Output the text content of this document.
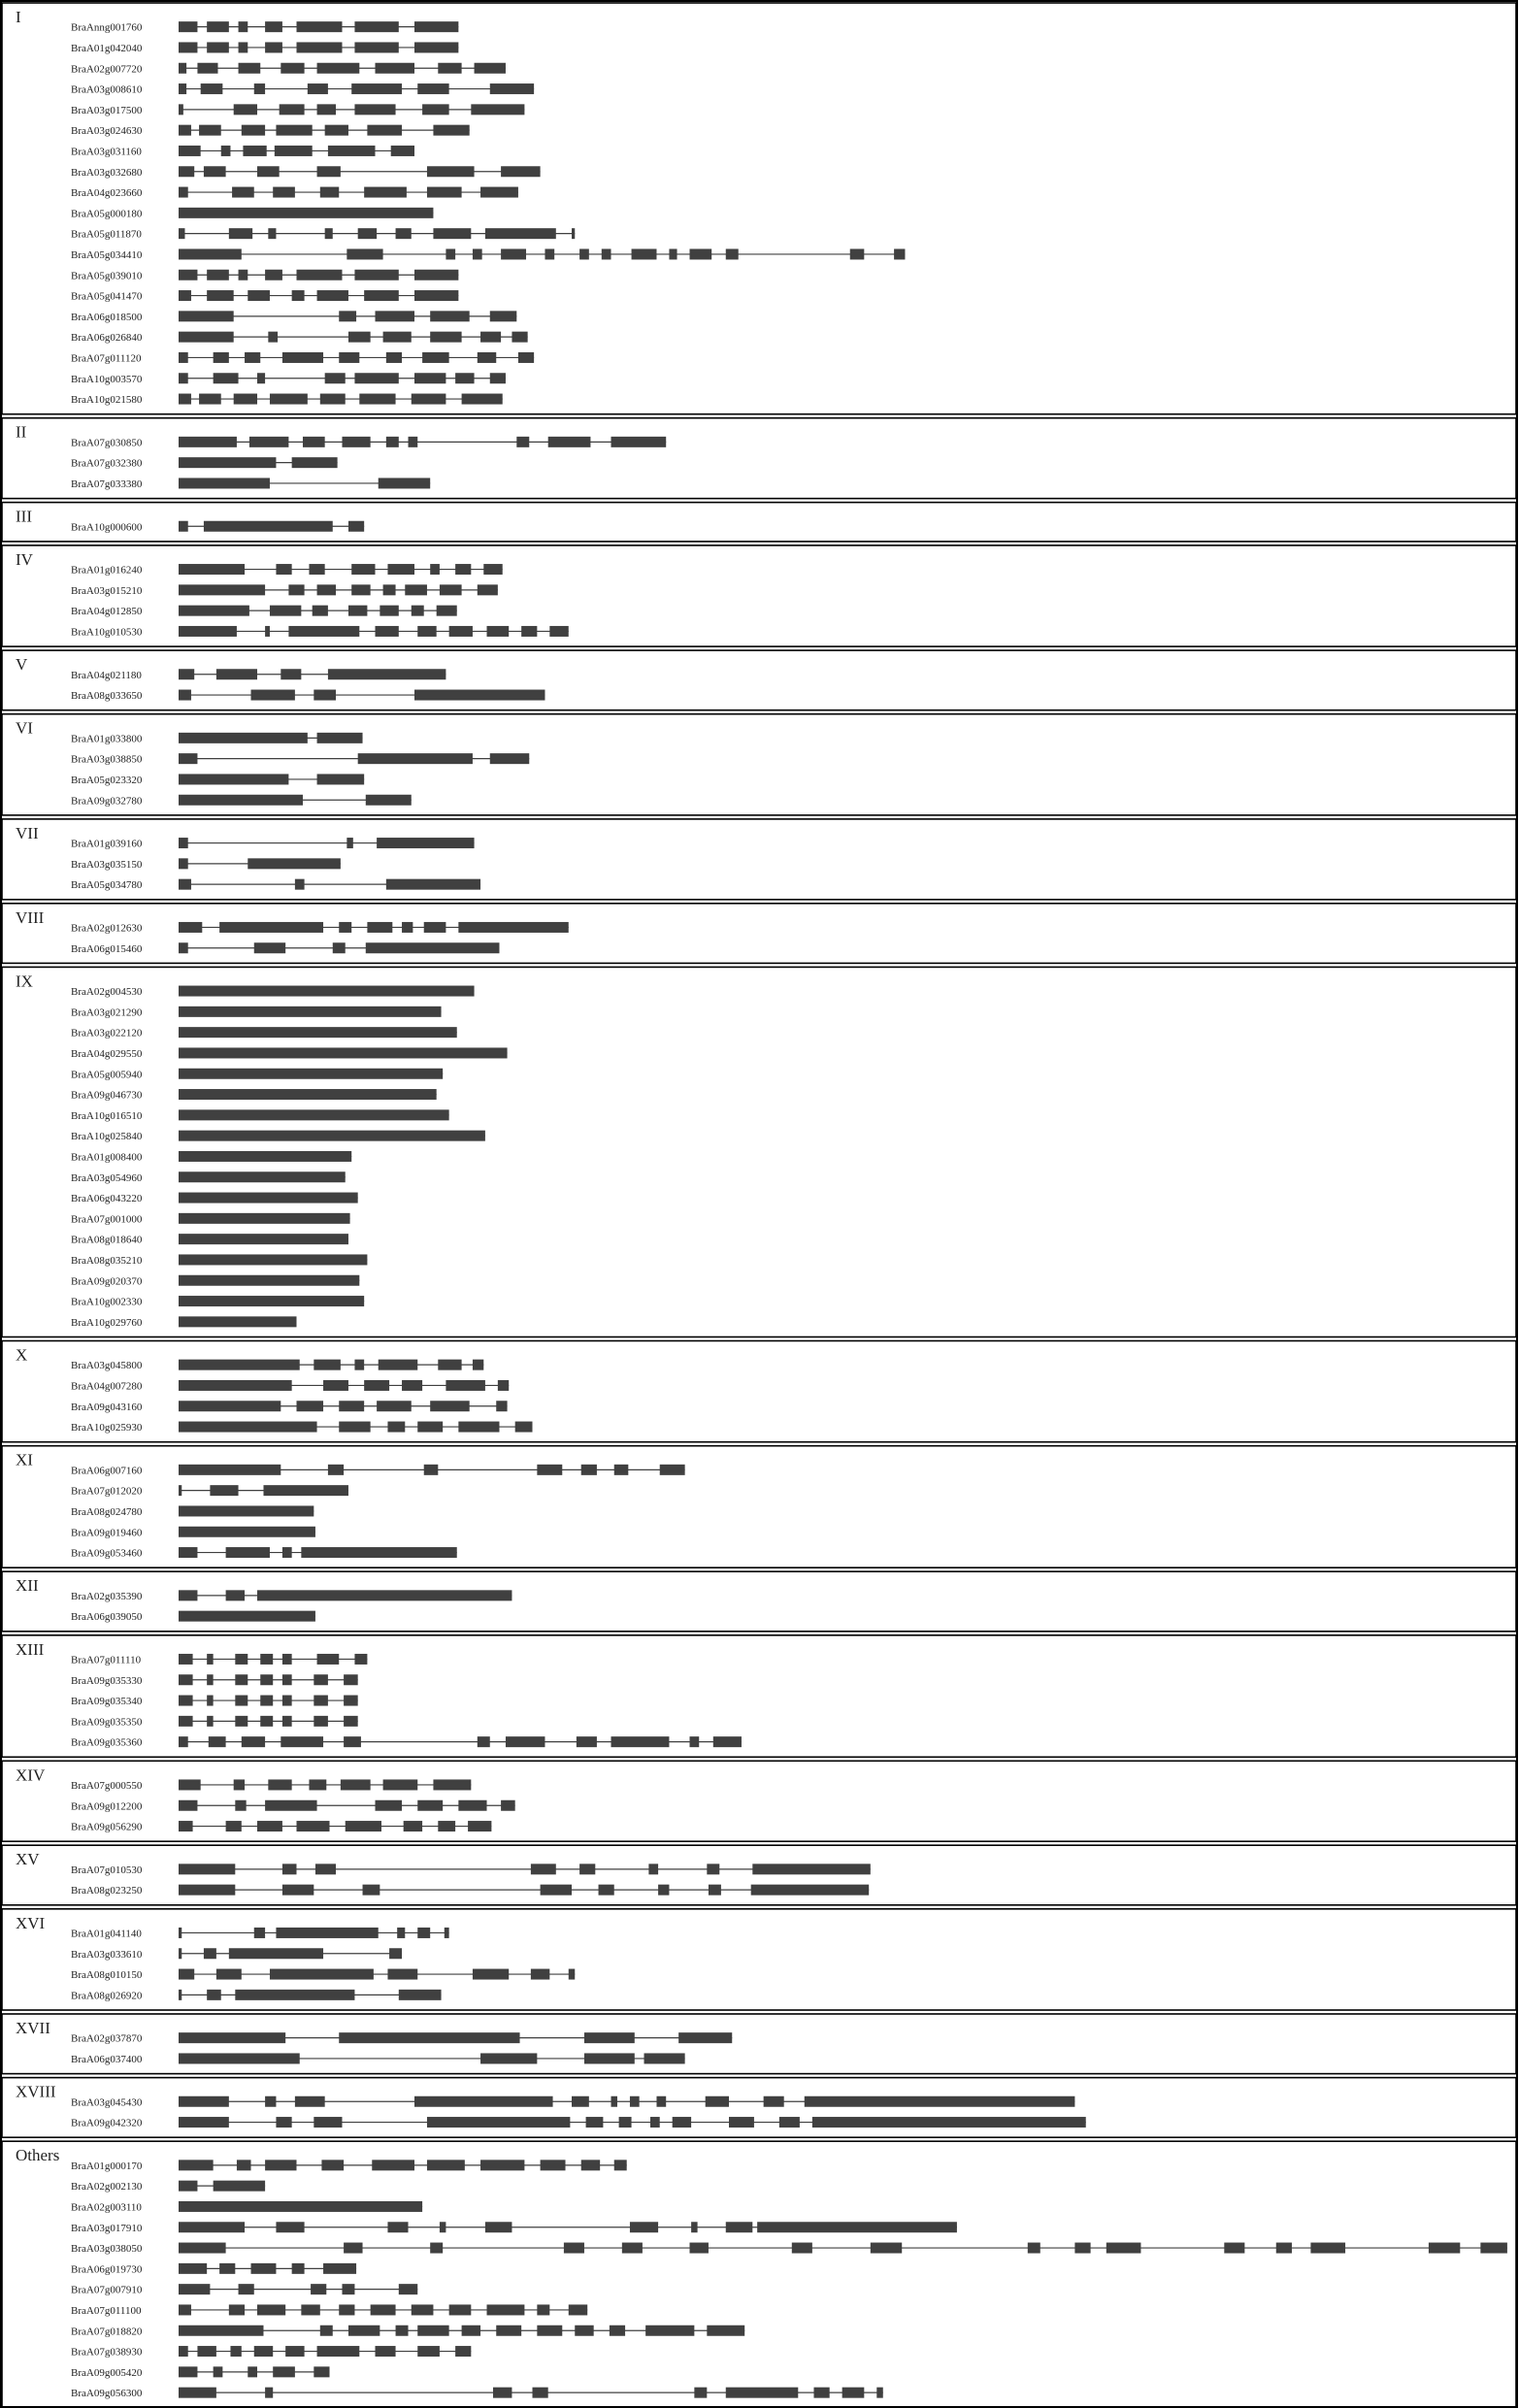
I
BraAnng001760
BraA01g042040
BraA02g007720
BraA03g008610
BraA03g017500
BraA03g024630
BraA03g031160
BraA03g032680
BraA04g023660
BraA05g000180
BraA05g011870
BraA05g034410
BraA05g039010
BraA05g041470
BraA06g018500
BraA06g026840
BraA07g011120
BraA10g003570
BraA10g021580
II
BraA07g030850
BraA07g032380
BraA07g033380
III
BraA10g000600
IV
BraA01g016240
BraA03g015210
BraA04g012850
BraA10g010530
V
BraA04g021180
BraA08g033650
VI
BraA01g033800
BraA03g038850
BraA05g023320
BraA09g032780
VII
BraA01g039160
BraA03g035150
BraA05g034780
VIII
BraA02g012630
BraA06g015460
IX
BraA02g004530
BraA03g021290
BraA03g022120
BraA04g029550
BraA05g005940
BraA09g046730
BraA10g016510
BraA10g025840
BraA01g008400
BraA03g054960
BraA06g043220
BraA07g001000
BraA08g018640
BraA08g035210
BraA09g020370
BraA10g002330
BraA10g029760
X
BraA03g045800
BraA04g007280
BraA09g043160
BraA10g025930
XI
BraA06g007160
BraA07g012020
BraA08g024780
BraA09g019460
BraA09g053460
XII
BraA02g035390
BraA06g039050
XIII
BraA07g011110
BraA09g035330
BraA09g035340
BraA09g035350
BraA09g035360
XIV
BraA07g000550
BraA09g012200
BraA09g056290
XV
BraA07g010530
BraA08g023250
XVI
BraA01g041140
BraA03g033610
BraA08g010150
BraA08g026920
XVII
BraA02g037870
BraA06g037400
XVIII
BraA03g045430
BraA09g042320
Others
BraA01g000170
BraA02g002130
BraA02g003110
BraA03g017910
BraA03g038050
BraA06g019730
BraA07g007910
BraA07g011100
BraA07g018820
BraA07g038930
BraA09g005420
BraA09g056300
